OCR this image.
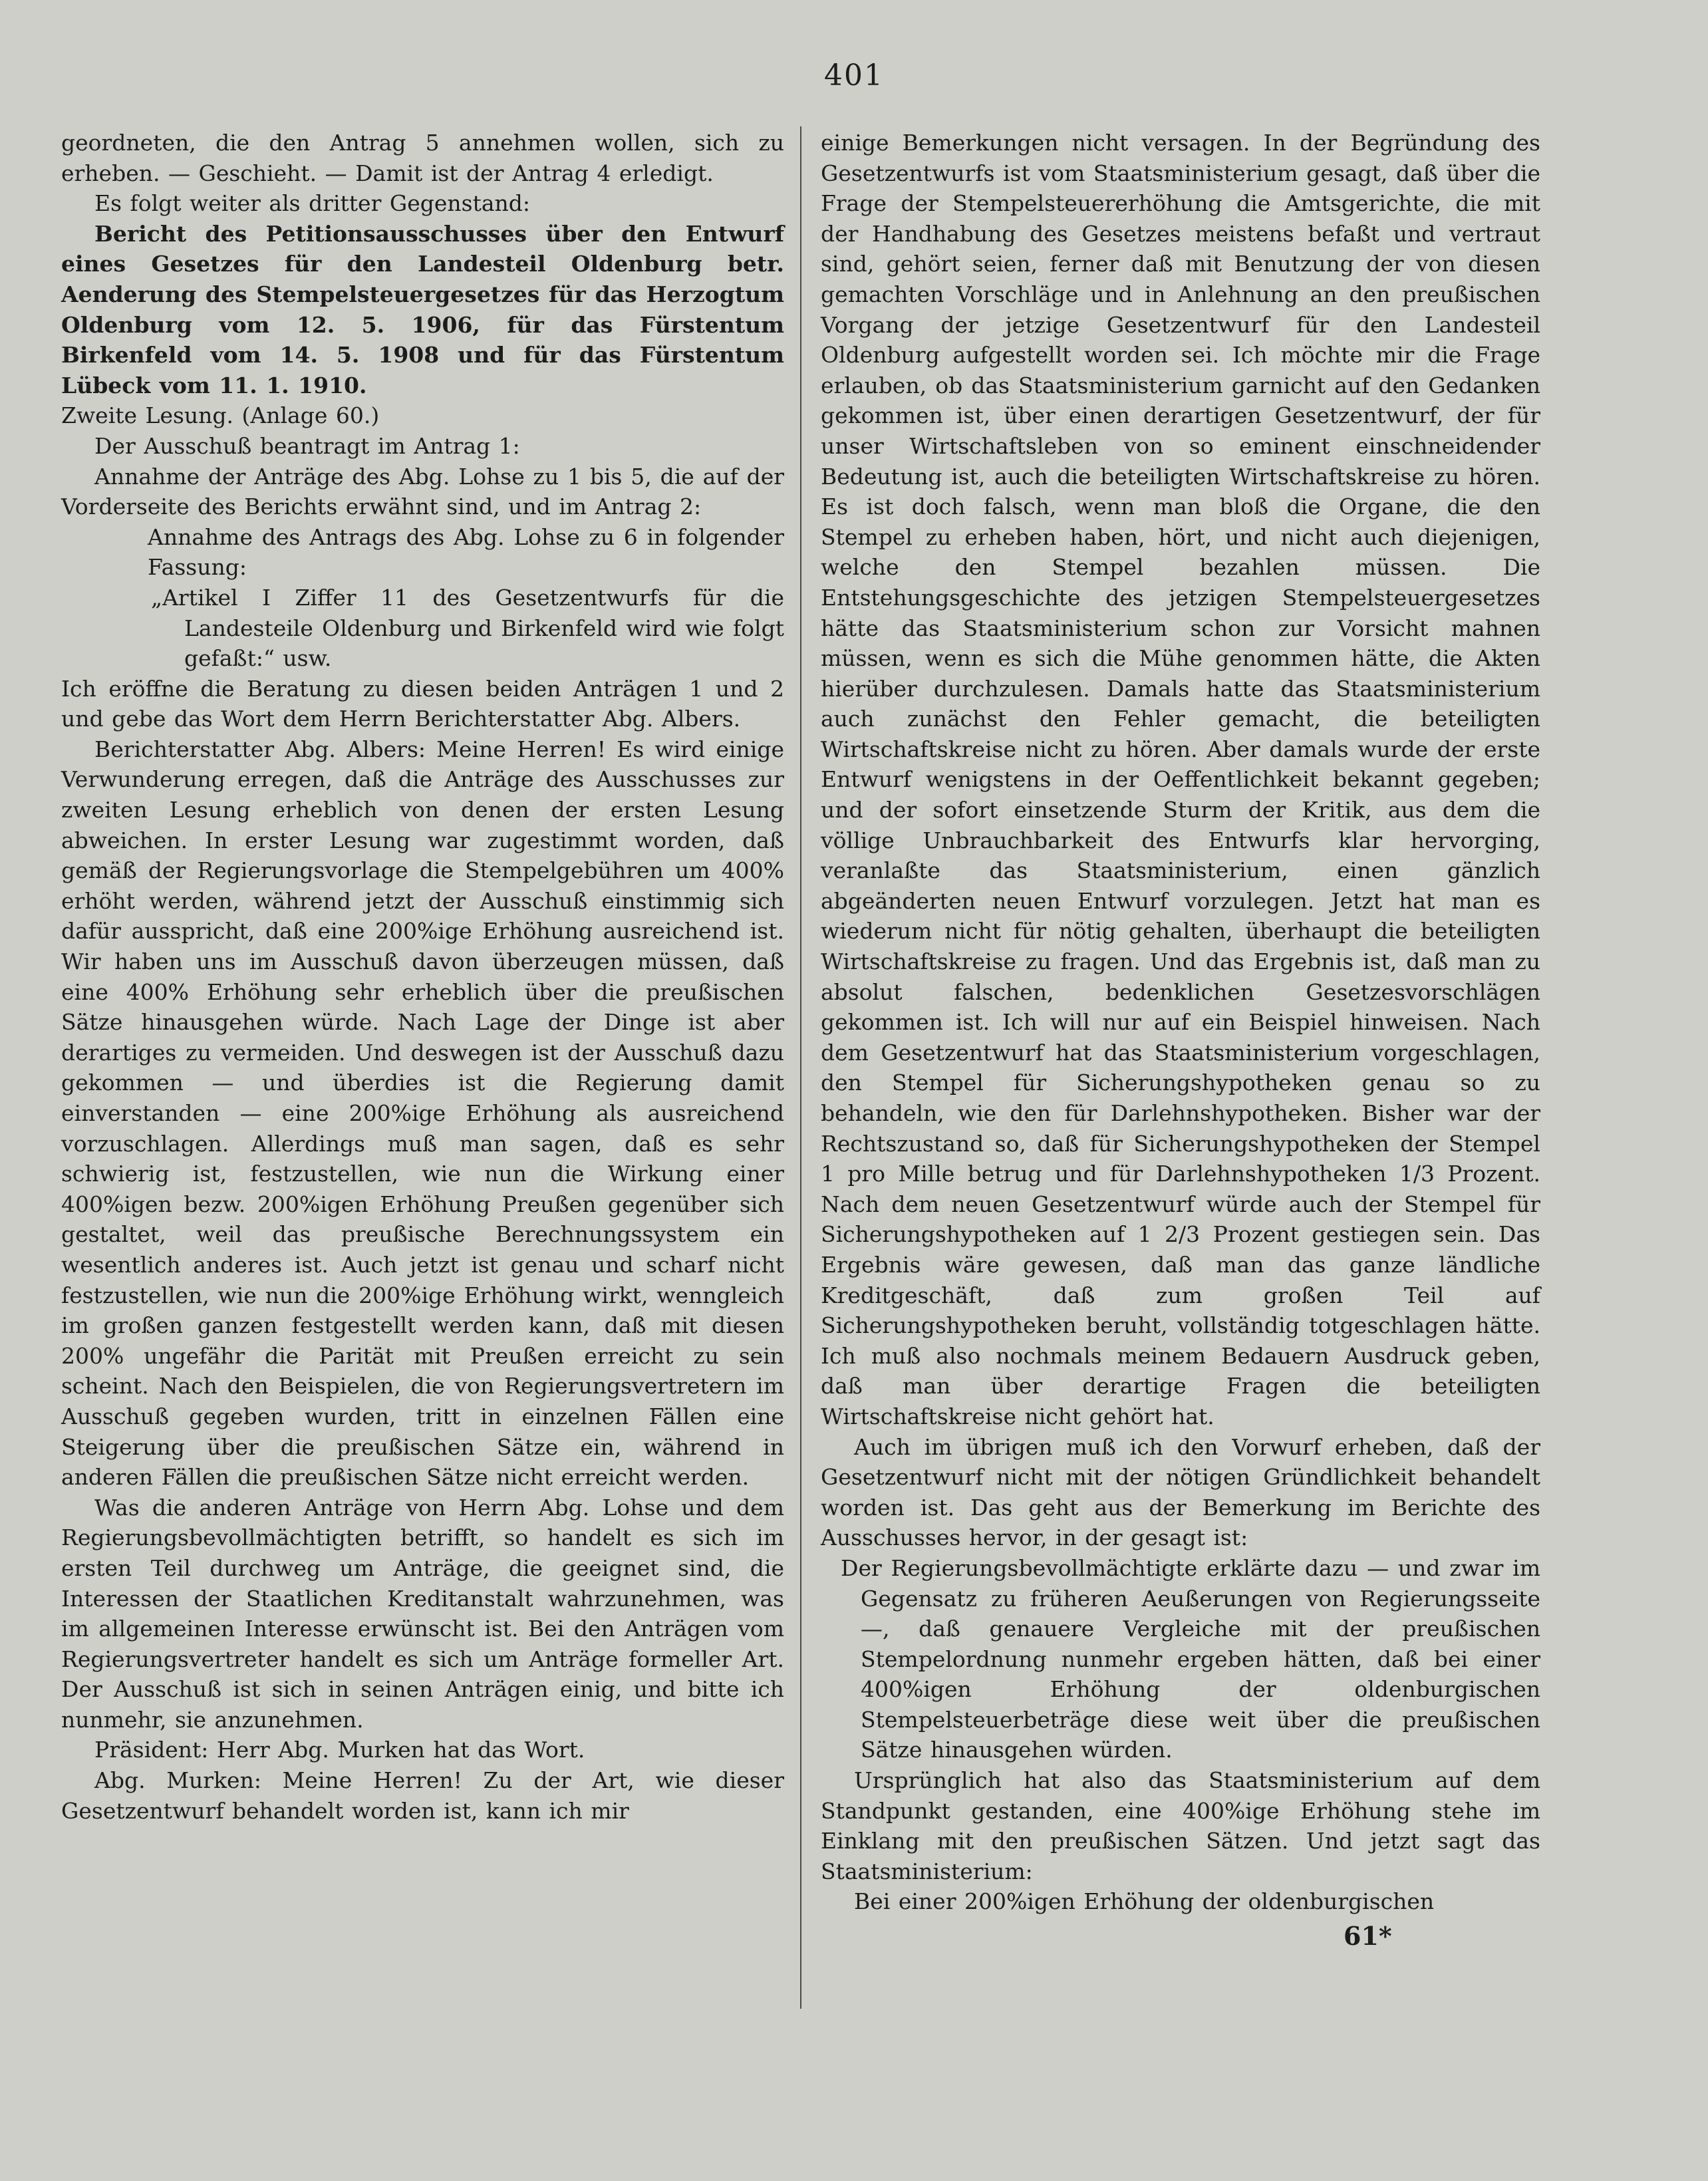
401

geordneten, die den Antrag 5 annehmen wollen, sich zu erheben. — Geschieht. — Damit ist der Antrag 4 erledigt.

Es folgt weiter als dritter Gegenstand:

Bericht des Petitionsausschusses über den Entwurf eines Gesetzes für den Landesteil Oldenburg betr. Aenderung des Stempelsteuergesetzes für das Herzogtum Oldenburg vom 12. 5. 1906, für das Fürstentum Birkenfeld vom 14. 5. 1908 und für das Fürstentum Lübeck vom 11. 1. 1910.

Zweite Lesung. (Anlage 60.)

Der Ausschuß beantragt im Antrag 1:

Annahme der Anträge des Abg. Lohse zu 1 bis 5, die auf der Vorderseite des Berichts erwähnt sind, und im Antrag 2:

Annahme des Antrags des Abg. Lohse zu 6 in folgender Fassung:

„Artikel I Ziffer 11 des Gesetzentwurfs für die Landesteile Oldenburg und Birkenfeld wird wie folgt gefaßt:“ usw.

Ich eröffne die Beratung zu diesen beiden Anträgen 1 und 2 und gebe das Wort dem Herrn Berichterstatter Abg. Albers.

Berichterstatter Abg. Albers: Meine Herren! Es wird einige Verwunderung erregen, daß die Anträge des Ausschusses zur zweiten Lesung erheblich von denen der ersten Lesung abweichen. In erster Lesung war zugestimmt worden, daß gemäß der Regierungsvorlage die Stempelgebühren um 400% erhöht werden, während jetzt der Ausschuß einstimmig sich dafür ausspricht, daß eine 200%ige Erhöhung ausreichend ist. Wir haben uns im Ausschuß davon überzeugen müssen, daß eine 400% Erhöhung sehr erheblich über die preußischen Sätze hinausgehen würde. Nach Lage der Dinge ist aber derartiges zu vermeiden. Und deswegen ist der Ausschuß dazu gekommen — und überdies ist die Regierung damit einverstanden — eine 200%ige Erhöhung als ausreichend vorzuschlagen. Allerdings muß man sagen, daß es sehr schwierig ist, festzustellen, wie nun die Wirkung einer 400%igen bezw. 200%igen Erhöhung Preußen gegenüber sich gestaltet, weil das preußische Berechnungssystem ein wesentlich anderes ist. Auch jetzt ist genau und scharf nicht festzustellen, wie nun die 200%ige Erhöhung wirkt, wenngleich im großen ganzen festgestellt werden kann, daß mit diesen 200% ungefähr die Parität mit Preußen erreicht zu sein scheint. Nach den Beispielen, die von Regierungsvertretern im Ausschuß gegeben wurden, tritt in einzelnen Fällen eine Steigerung über die preußischen Sätze ein, während in anderen Fällen die preußischen Sätze nicht erreicht werden.

Was die anderen Anträge von Herrn Abg. Lohse und dem Regierungsbevollmächtigten betrifft, so handelt es sich im ersten Teil durchweg um Anträge, die geeignet sind, die Interessen der Staatlichen Kreditanstalt wahrzunehmen, was im allgemeinen Interesse erwünscht ist. Bei den Anträgen vom Regierungsvertreter handelt es sich um Anträge formeller Art. Der Ausschuß ist sich in seinen Anträgen einig, und bitte ich nunmehr, sie anzunehmen.

Präsident: Herr Abg. Murken hat das Wort.

Abg. Murken: Meine Herren! Zu der Art, wie dieser Gesetzentwurf behandelt worden ist, kann ich mir

einige Bemerkungen nicht versagen. In der Begründung des Gesetzentwurfs ist vom Staatsministerium gesagt, daß über die Frage der Stempelsteuererhöhung die Amtsgerichte, die mit der Handhabung des Gesetzes meistens befaßt und vertraut sind, gehört seien, ferner daß mit Benutzung der von diesen gemachten Vorschläge und in Anlehnung an den preußischen Vorgang der jetzige Gesetzentwurf für den Landesteil Oldenburg aufgestellt worden sei. Ich möchte mir die Frage erlauben, ob das Staatsministerium garnicht auf den Gedanken gekommen ist, über einen derartigen Gesetzentwurf, der für unser Wirtschaftsleben von so eminent einschneidender Bedeutung ist, auch die beteiligten Wirtschaftskreise zu hören. Es ist doch falsch, wenn man bloß die Organe, die den Stempel zu erheben haben, hört, und nicht auch diejenigen, welche den Stempel bezahlen müssen. Die Entstehungsgeschichte des jetzigen Stempelsteuergesetzes hätte das Staatsministerium schon zur Vorsicht mahnen müssen, wenn es sich die Mühe genommen hätte, die Akten hierüber durchzulesen. Damals hatte das Staatsministerium auch zunächst den Fehler gemacht, die beteiligten Wirtschaftskreise nicht zu hören. Aber damals wurde der erste Entwurf wenigstens in der Oeffentlichkeit bekannt gegeben; und der sofort einsetzende Sturm der Kritik, aus dem die völlige Unbrauchbarkeit des Entwurfs klar hervorging, veranlaßte das Staatsministerium, einen gänzlich abgeänderten neuen Entwurf vorzulegen. Jetzt hat man es wiederum nicht für nötig gehalten, überhaupt die beteiligten Wirtschaftskreise zu fragen. Und das Ergebnis ist, daß man zu absolut falschen, bedenklichen Gesetzesvorschlägen gekommen ist. Ich will nur auf ein Beispiel hinweisen. Nach dem Gesetzentwurf hat das Staatsministerium vorgeschlagen, den Stempel für Sicherungshypotheken genau so zu behandeln, wie den für Darlehnshypotheken. Bisher war der Rechtszustand so, daß für Sicherungshypotheken der Stempel 1 pro Mille betrug und für Darlehnshypotheken 1/3 Prozent. Nach dem neuen Gesetzentwurf würde auch der Stempel für Sicherungshypotheken auf 1 2/3 Prozent gestiegen sein. Das Ergebnis wäre gewesen, daß man das ganze ländliche Kreditgeschäft, daß zum großen Teil auf Sicherungshypotheken beruht, vollständig totgeschlagen hätte. Ich muß also nochmals meinem Bedauern Ausdruck geben, daß man über derartige Fragen die beteiligten Wirtschaftskreise nicht gehört hat.

Auch im übrigen muß ich den Vorwurf erheben, daß der Gesetzentwurf nicht mit der nötigen Gründlichkeit behandelt worden ist. Das geht aus der Bemerkung im Berichte des Ausschusses hervor, in der gesagt ist:

Der Regierungsbevollmächtigte erklärte dazu — und zwar im Gegensatz zu früheren Aeußerungen von Regierungsseite —, daß genauere Vergleiche mit der preußischen Stempelordnung nunmehr ergeben hätten, daß bei einer 400%igen Erhöhung der oldenburgischen Stempelsteuerbeträge diese weit über die preußischen Sätze hinausgehen würden.

Ursprünglich hat also das Staatsministerium auf dem Standpunkt gestanden, eine 400%ige Erhöhung stehe im Einklang mit den preußischen Sätzen. Und jetzt sagt das Staatsministerium:

Bei einer 200%igen Erhöhung der oldenburgischen

61*
